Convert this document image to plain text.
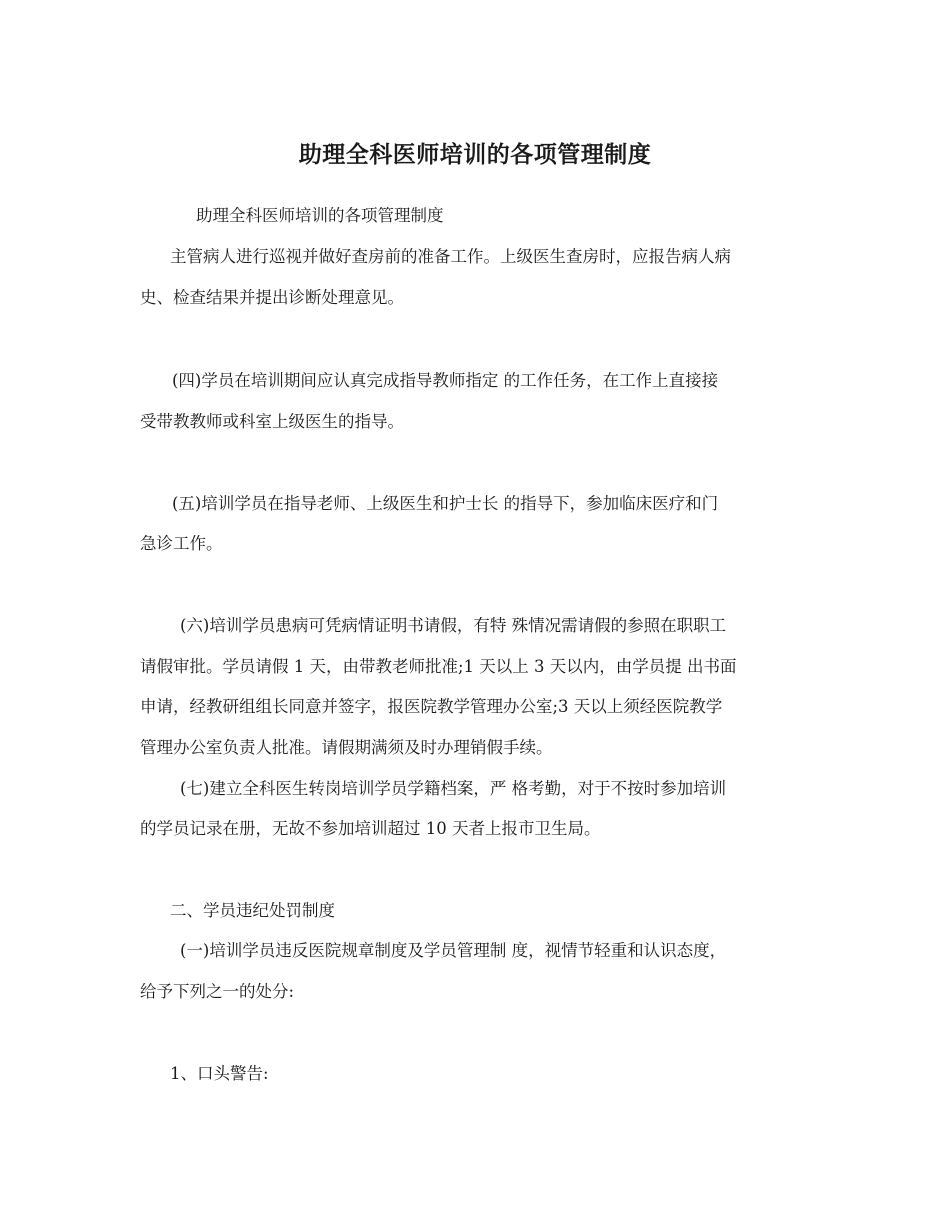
助理全科医师培训的各项管理制度
助理全科医师培训的各项管理制度
主管病人进行巡视并做好查房前的准备工作。上级医生查房时，应报告病人病
史、检查结果并提出诊断处理意见。
(四)学员在培训期间应认真完成指导教师指定 的工作任务，在工作上直接接
受带教教师或科室上级医生的指导。
(五)培训学员在指导老师、上级医生和护士长 的指导下，参加临床医疗和门
急诊工作。
(六)培训学员患病可凭病情证明书请假，有特 殊情况需请假的参照在职职工
请假审批。学员请假 1 天，由带教老师批准;1 天以上 3 天以内，由学员提 出书面
申请，经教研组组长同意并签字，报医院教学管理办公室;3 天以上须经医院教学
管理办公室负责人批准。请假期满须及时办理销假手续。
(七)建立全科医生转岗培训学员学籍档案，严 格考勤，对于不按时参加培训
的学员记录在册，无故不参加培训超过 10 天者上报市卫生局。
二、学员违纪处罚制度
(一)培训学员违反医院规章制度及学员管理制 度，视情节轻重和认识态度，
给予下列之一的处分:
1、口头警告:
